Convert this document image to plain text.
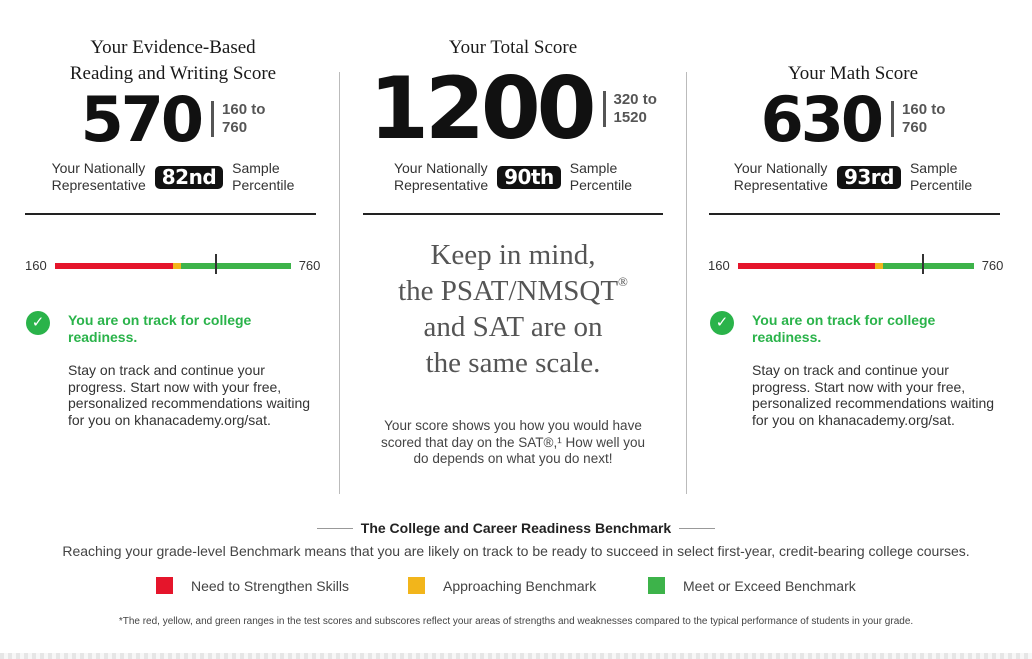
Your Evidence-Based
Reading and Writing Score
570 160 to
760
Your Nationally
Representative 82nd	Sample
Percentile
160	760
✓	You are on track for college readiness.
Stay on track and continue your
progress. Start now with your free,
personalized recommendations waiting
for you on khanacademy.org/sat.
Your Total Score
1200 320 to
1520
Your Nationally
Representative 90th	Sample
Percentile
Keep in mind,
the PSAT/NMSQT®
and SAT are on
the same scale.
Your score shows you how you would have
scored that day on the SAT®,¹ How well you
do depends on what you do next!
Your Math Score
630 160 to
760
Your Nationally
Representative 93rd	Sample
Percentile
160	760
✓	You are on track for college readiness.
Stay on track and continue your
progress. Start now with your free,
personalized recommendations waiting
for you on khanacademy.org/sat.
The College and Career Readiness Benchmark
Reaching your grade-level Benchmark means that you are likely on track to be ready to succeed in select first-year, credit-bearing college courses.
Need to Strengthen Skills	Approaching Benchmark	Meet or Exceed Benchmark
*The red, yellow, and green ranges in the test scores and subscores reflect your areas of strengths and weaknesses compared to the typical performance of students in your grade.
